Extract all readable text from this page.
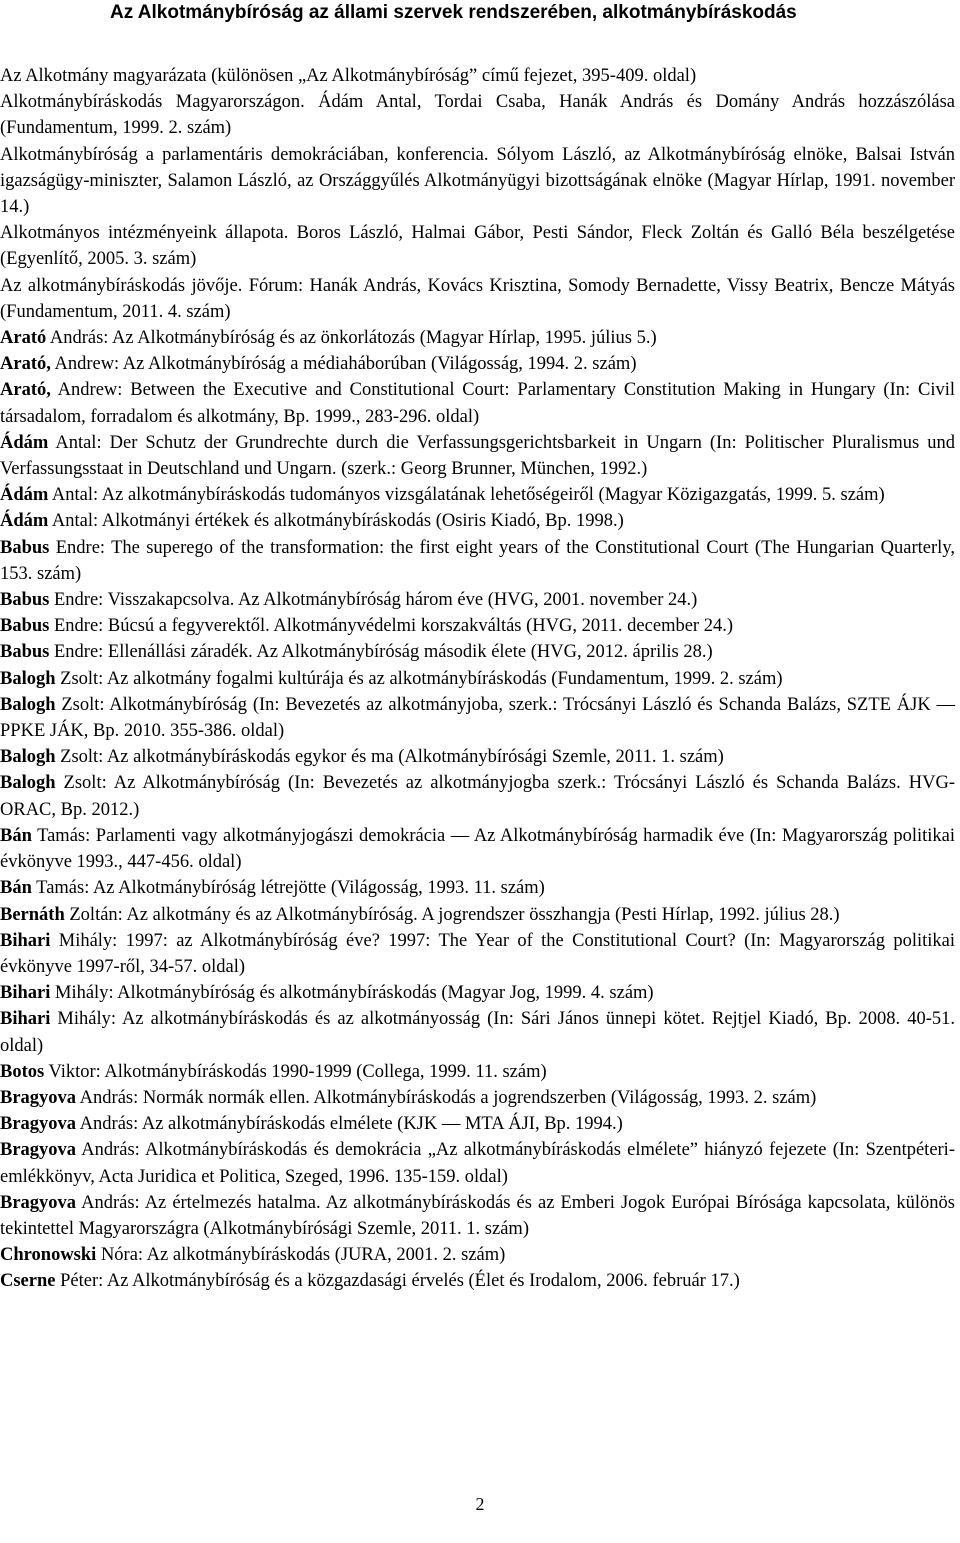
Az Alkotmánybíróság az állami szervek rendszerében, alkotmánybíráskodás
Az Alkotmány magyarázata (különösen „Az Alkotmánybíróság” című fejezet, 395-409. oldal)
Alkotmánybíráskodás Magyarországon. Ádám Antal, Tordai Csaba, Hanák András és Domány András hozzászólása (Fundamentum, 1999. 2. szám)
Alkotmánybíróság a parlamentáris demokráciában, konferencia. Sólyom László, az Alkotmánybíróság elnöke, Balsai István igazságügy-miniszter, Salamon László, az Országgyűlés Alkotmányügyi bizottságának elnöke (Magyar Hírlap, 1991. november 14.)
Alkotmányos intézményeink állapota. Boros László, Halmai Gábor, Pesti Sándor, Fleck Zoltán és Galló Béla beszélgetése (Egyenlítő, 2005. 3. szám)
Az alkotmánybíráskodás jövője. Fórum: Hanák András, Kovács Krisztina, Somody Bernadette, Vissy Beatrix, Bencze Mátyás (Fundamentum, 2011. 4. szám)
Arató András: Az Alkotmánybíróság és az önkorlátozás (Magyar Hírlap, 1995. július 5.)
Arató, Andrew: Az Alkotmánybíróság a médiaháborúban (Világosság, 1994. 2. szám)
Arató, Andrew: Between the Executive and Constitutional Court: Parlamentary Constitution Making in Hungary (In: Civil társadalom, forradalom és alkotmány, Bp. 1999., 283-296. oldal)
Ádám Antal: Der Schutz der Grundrechte durch die Verfassungsgerichtsbarkeit in Ungarn (In: Politischer Pluralismus und Verfassungsstaat in Deutschland und Ungarn. (szerk.: Georg Brunner, München, 1992.)
Ádám Antal: Az alkotmánybíráskodás tudományos vizsgálatának lehetőségeiről (Magyar Közigazgatás, 1999. 5. szám)
Ádám Antal: Alkotmányi értékek és alkotmánybíráskodás (Osiris Kiadó, Bp. 1998.)
Babus Endre: The superego of the transformation: the first eight years of the Constitutional Court (The Hungarian Quarterly, 153. szám)
Babus Endre: Visszakapcsolva. Az Alkotmánybíróság három éve (HVG, 2001. november 24.)
Babus Endre: Búcsú a fegyverektől. Alkotmányvédelmi korszakváltás (HVG, 2011. december 24.)
Babus Endre: Ellenállási záradék. Az Alkotmánybíróság második élete (HVG, 2012. április 28.)
Balogh Zsolt: Az alkotmány fogalmi kultúrája és az alkotmánybíráskodás (Fundamentum, 1999. 2. szám)
Balogh Zsolt: Alkotmánybíróság (In: Bevezetés az alkotmányjoba, szerk.: Trócsányi László és Schanda Balázs, SZTE ÁJK — PPKE JÁK, Bp. 2010. 355-386. oldal)
Balogh Zsolt: Az alkotmánybíráskodás egykor és ma (Alkotmánybírósági Szemle, 2011. 1. szám)
Balogh Zsolt: Az Alkotmánybíróság (In: Bevezetés az alkotmányjogba szerk.: Trócsányi László és Schanda Balázs. HVG-ORAC, Bp. 2012.)
Bán Tamás: Parlamenti vagy alkotmányjogászi demokrácia — Az Alkotmánybíróság harmadik éve (In: Magyarország politikai évkönyve 1993., 447-456. oldal)
Bán Tamás: Az Alkotmánybíróság létrejötte (Világosság, 1993. 11. szám)
Bernáth Zoltán: Az alkotmány és az Alkotmánybíróság. A jogrendszer összhangja (Pesti Hírlap, 1992. július 28.)
Bihari Mihály: 1997: az Alkotmánybíróság éve? 1997: The Year of the Constitutional Court? (In: Magyarország politikai évkönyve 1997-ről, 34-57. oldal)
Bihari Mihály: Alkotmánybíróság és alkotmánybíráskodás (Magyar Jog, 1999. 4. szám)
Bihari Mihály: Az alkotmánybíráskodás és az alkotmányosság (In: Sári János ünnepi kötet. Rejtjel Kiadó, Bp. 2008. 40-51. oldal)
Botos Viktor: Alkotmánybíráskodás 1990-1999 (Collega, 1999. 11. szám)
Bragyova András: Normák normák ellen. Alkotmánybíráskodás a jogrendszerben (Világosság, 1993. 2. szám)
Bragyova András: Az alkotmánybíráskodás elmélete (KJK — MTA ÁJI, Bp. 1994.)
Bragyova András: Alkotmánybíráskodás és demokrácia „Az alkotmánybíráskodás elmélete” hiányzó fejezete (In: Szentpéteri-emlékkönyv, Acta Juridica et Politica, Szeged, 1996. 135-159. oldal)
Bragyova András: Az értelmezés hatalma. Az alkotmánybíráskodás és az Emberi Jogok Európai Bírósága kapcsolata, különös tekintettel Magyarországra (Alkotmánybírósági Szemle, 2011. 1. szám)
Chronowski Nóra: Az alkotmánybíráskodás (JURA, 2001. 2. szám)
Cserne Péter: Az Alkotmánybíróság és a közgazdasági érvelés (Élet és Irodalom, 2006. február 17.)
2
